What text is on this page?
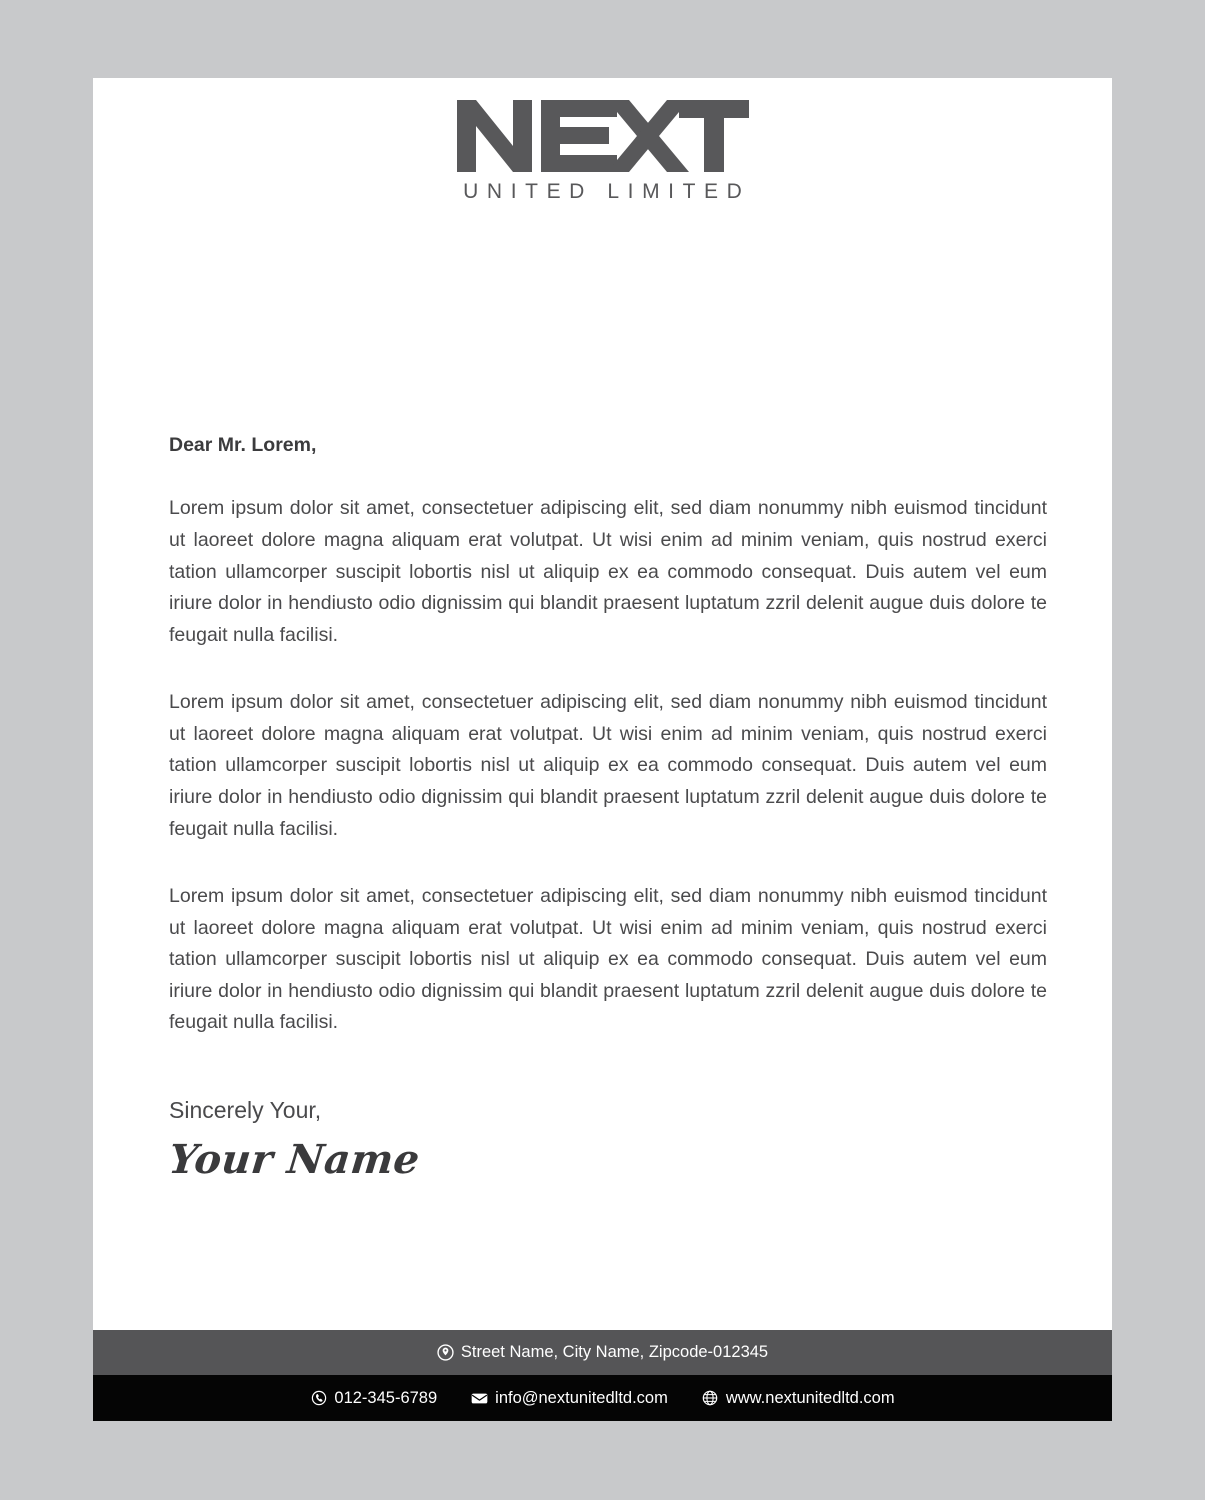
UNITED LIMITED

Dear Mr. Lorem,

Lorem ipsum dolor sit amet, consectetuer adipiscing elit, sed diam nonummy nibh euismod tincidunt ut laoreet dolore magna aliquam erat volutpat. Ut wisi enim ad minim veniam, quis nostrud exerci tation ullamcorper suscipit lobortis nisl ut aliquip ex ea commodo consequat. Duis autem vel eum iriure dolor in hendiusto odio dignissim qui blandit praesent luptatum zzril delenit augue duis dolore te feugait nulla facilisi.

Lorem ipsum dolor sit amet, consectetuer adipiscing elit, sed diam nonummy nibh euismod tincidunt ut laoreet dolore magna aliquam erat volutpat. Ut wisi enim ad minim veniam, quis nostrud exerci tation ullamcorper suscipit lobortis nisl ut aliquip ex ea commodo consequat. Duis autem vel eum iriure dolor in hendiusto odio dignissim qui blandit praesent luptatum zzril delenit augue duis dolore te feugait nulla facilisi.

Lorem ipsum dolor sit amet, consectetuer adipiscing elit, sed diam nonummy nibh euismod tincidunt ut laoreet dolore magna aliquam erat volutpat. Ut wisi enim ad minim veniam, quis nostrud exerci tation ullamcorper suscipit lobortis nisl ut aliquip ex ea commodo consequat. Duis autem vel eum iriure dolor in hendiusto odio dignissim qui blandit praesent luptatum zzril delenit augue duis dolore te feugait nulla facilisi.

Sincerely Your,

Your Name

Street Name, City Name, Zipcode-012345
012-345-6789	info@nextunitedltd.com	www.nextunitedltd.com
